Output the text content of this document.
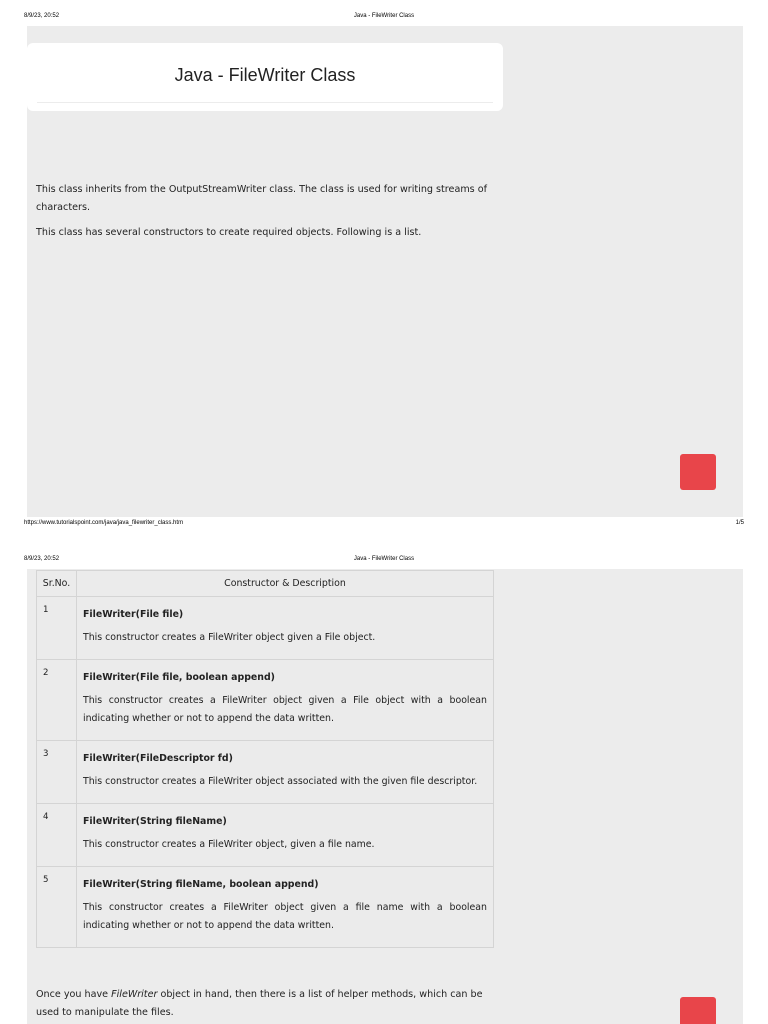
8/9/23, 20:52	Java - FileWriter Class
Java - FileWriter Class

This class inherits from the OutputStreamWriter class. The class is used for writing streams of characters.

This class has several constructors to create required objects. Following is a list.

https://www.tutorialspoint.com/java/java_filewriter_class.htm	1/5
8/9/23, 20:52	Java - FileWriter Class
Sr.No.	Constructor & Description
1	FileWriter(File file)
This constructor creates a FileWriter object given a File object.

2	FileWriter(File file, boolean append)
This constructor creates a FileWriter object given a File object with a boolean indicating whether or not to append the data written.

3	FileWriter(FileDescriptor fd)
This constructor creates a FileWriter object associated with the given file descriptor.

4	FileWriter(String fileName)
This constructor creates a FileWriter object, given a file name.

5	FileWriter(String fileName, boolean append)
This constructor creates a FileWriter object given a file name with a boolean indicating whether or not to append the data written.

Once you have FileWriter object in hand, then there is a list of helper methods, which can be used to manipulate the files.
